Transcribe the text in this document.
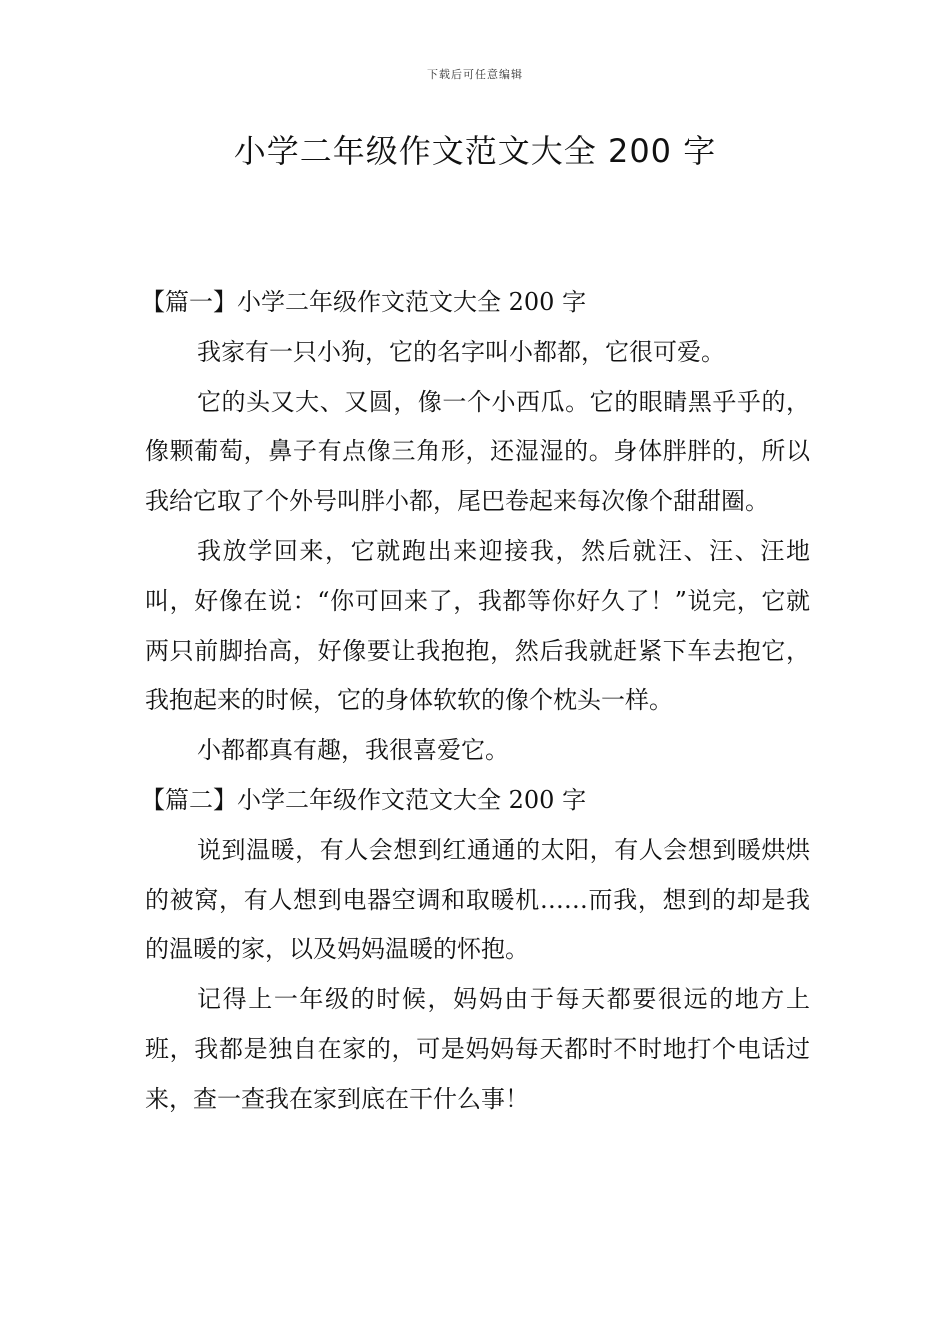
下载后可任意编辑
小学二年级作文范文大全 200 字

【篇一】小学二年级作文范文大全 200 字

我家有一只小狗，它的名字叫小都都，它很可爱。

它的头又大、又圆，像一个小西瓜。它的眼睛黑乎乎的，像颗葡萄，鼻子有点像三角形，还湿湿的。身体胖胖的，所以我给它取了个外号叫胖小都，尾巴卷起来每次像个甜甜圈。

我放学回来，它就跑出来迎接我，然后就汪、汪、汪地叫，好像在说：“你可回来了，我都等你好久了！”说完，它就两只前脚抬高，好像要让我抱抱，然后我就赶紧下车去抱它，我抱起来的时候，它的身体软软的像个枕头一样。

小都都真有趣，我很喜爱它。

【篇二】小学二年级作文范文大全 200 字

说到温暖，有人会想到红通通的太阳，有人会想到暖烘烘的被窝，有人想到电器空调和取暖机……而我，想到的却是我的温暖的家，以及妈妈温暖的怀抱。

记得上一年级的时候，妈妈由于每天都要很远的地方上班，我都是独自在家的，可是妈妈每天都时不时地打个电话过来，查一查我在家到底在干什么事！
